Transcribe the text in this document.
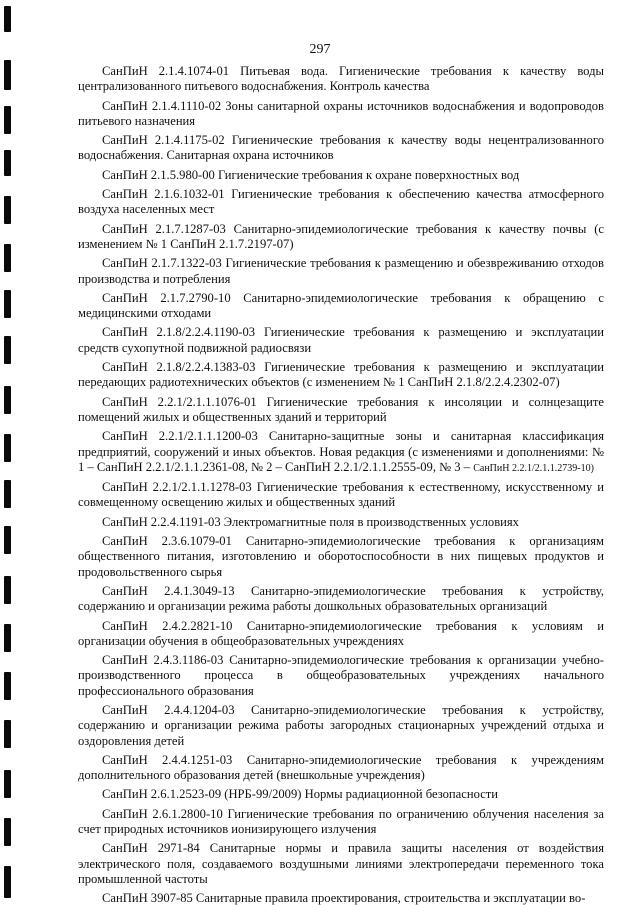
297

СанПиН 2.1.4.1074-01 Питьевая вода. Гигиенические требования к качеству воды централизованного питьевого водоснабжения. Контроль качества

СанПиН 2.1.4.1110-02 Зоны санитарной охраны источников водоснабжения и водопроводов питьевого назначения

СанПиН 2.1.4.1175-02 Гигиенические требования к качеству воды нецентрализованного водоснабжения. Санитарная охрана источников

СанПиН 2.1.5.980-00 Гигиенические требования к охране поверхностных вод

СанПиН 2.1.6.1032-01 Гигиенические требования к обеспечению качества атмосферного воздуха населенных мест

СанПиН 2.1.7.1287-03 Санитарно-эпидемиологические требования к качеству почвы (с изменением № 1 СанПиН 2.1.7.2197-07)

СанПиН 2.1.7.1322-03 Гигиенические требования к размещению и обезвреживанию отходов производства и потребления

СанПиН 2.1.7.2790-10 Санитарно-эпидемиологические требования к обращению с медицинскими отходами

СанПиН 2.1.8/2.2.4.1190-03 Гигиенические требования к размещению и эксплуатации средств сухопутной подвижной радиосвязи

СанПиН 2.1.8/2.2.4.1383-03 Гигиенические требования к размещению и эксплуатации передающих радиотехнических объектов (с изменением № 1 СанПиН 2.1.8/2.2.4.2302-07)

СанПиН 2.2.1/2.1.1.1076-01 Гигиенические требования к инсоляции и солнцезащите помещений жилых и общественных зданий и территорий

СанПиН 2.2.1/2.1.1.1200-03 Санитарно-защитные зоны и санитарная классификация предприятий, сооружений и иных объектов. Новая редакция (с изменениями и дополнениями: № 1 – СанПиН 2.2.1/2.1.1.2361-08, № 2 – СанПиН 2.2.1/2.1.1.2555-09, № 3 – СанПиН 2.2.1/2.1.1.2739-10)

СанПиН 2.2.1/2.1.1.1278-03 Гигиенические требования к естественному, искусственному и совмещенному освещению жилых и общественных зданий

СанПиН 2.2.4.1191-03 Электромагнитные поля в производственных условиях

СанПиН 2.3.6.1079-01 Санитарно-эпидемиологические требования к организациям общественного питания, изготовлению и оборотоспособности в них пищевых продуктов и продовольственного сырья

СанПиН 2.4.1.3049-13 Санитарно-эпидемиологические требования к устройству, содержанию и организации режима работы дошкольных образовательных организаций

СанПиН 2.4.2.2821-10 Санитарно-эпидемиологические требования к условиям и организации обучения в общеобразовательных учреждениях

СанПиН 2.4.3.1186-03 Санитарно-эпидемиологические требования к организации учебно-производственного процесса в общеобразовательных учреждениях начального профессионального образования

СанПиН 2.4.4.1204-03 Санитарно-эпидемиологические требования к устройству, содержанию и организации режима работы загородных стационарных учреждений отдыха и оздоровления детей

СанПиН 2.4.4.1251-03 Санитарно-эпидемиологические требования к учреждениям дополнительного образования детей (внешкольные учреждения)

СанПиН 2.6.1.2523-09 (НРБ-99/2009) Нормы радиационной безопасности

СанПиН 2.6.1.2800-10 Гигиенические требования по ограничению облучения населения за счет природных источников ионизирующего излучения

СанПиН 2971-84 Санитарные нормы и правила защиты населения от воздействия электрического поля, создаваемого воздушными линиями электропередачи переменного тока промышленной частоты

СанПиН 3907-85 Санитарные правила проектирования, строительства и эксплуатации во-
